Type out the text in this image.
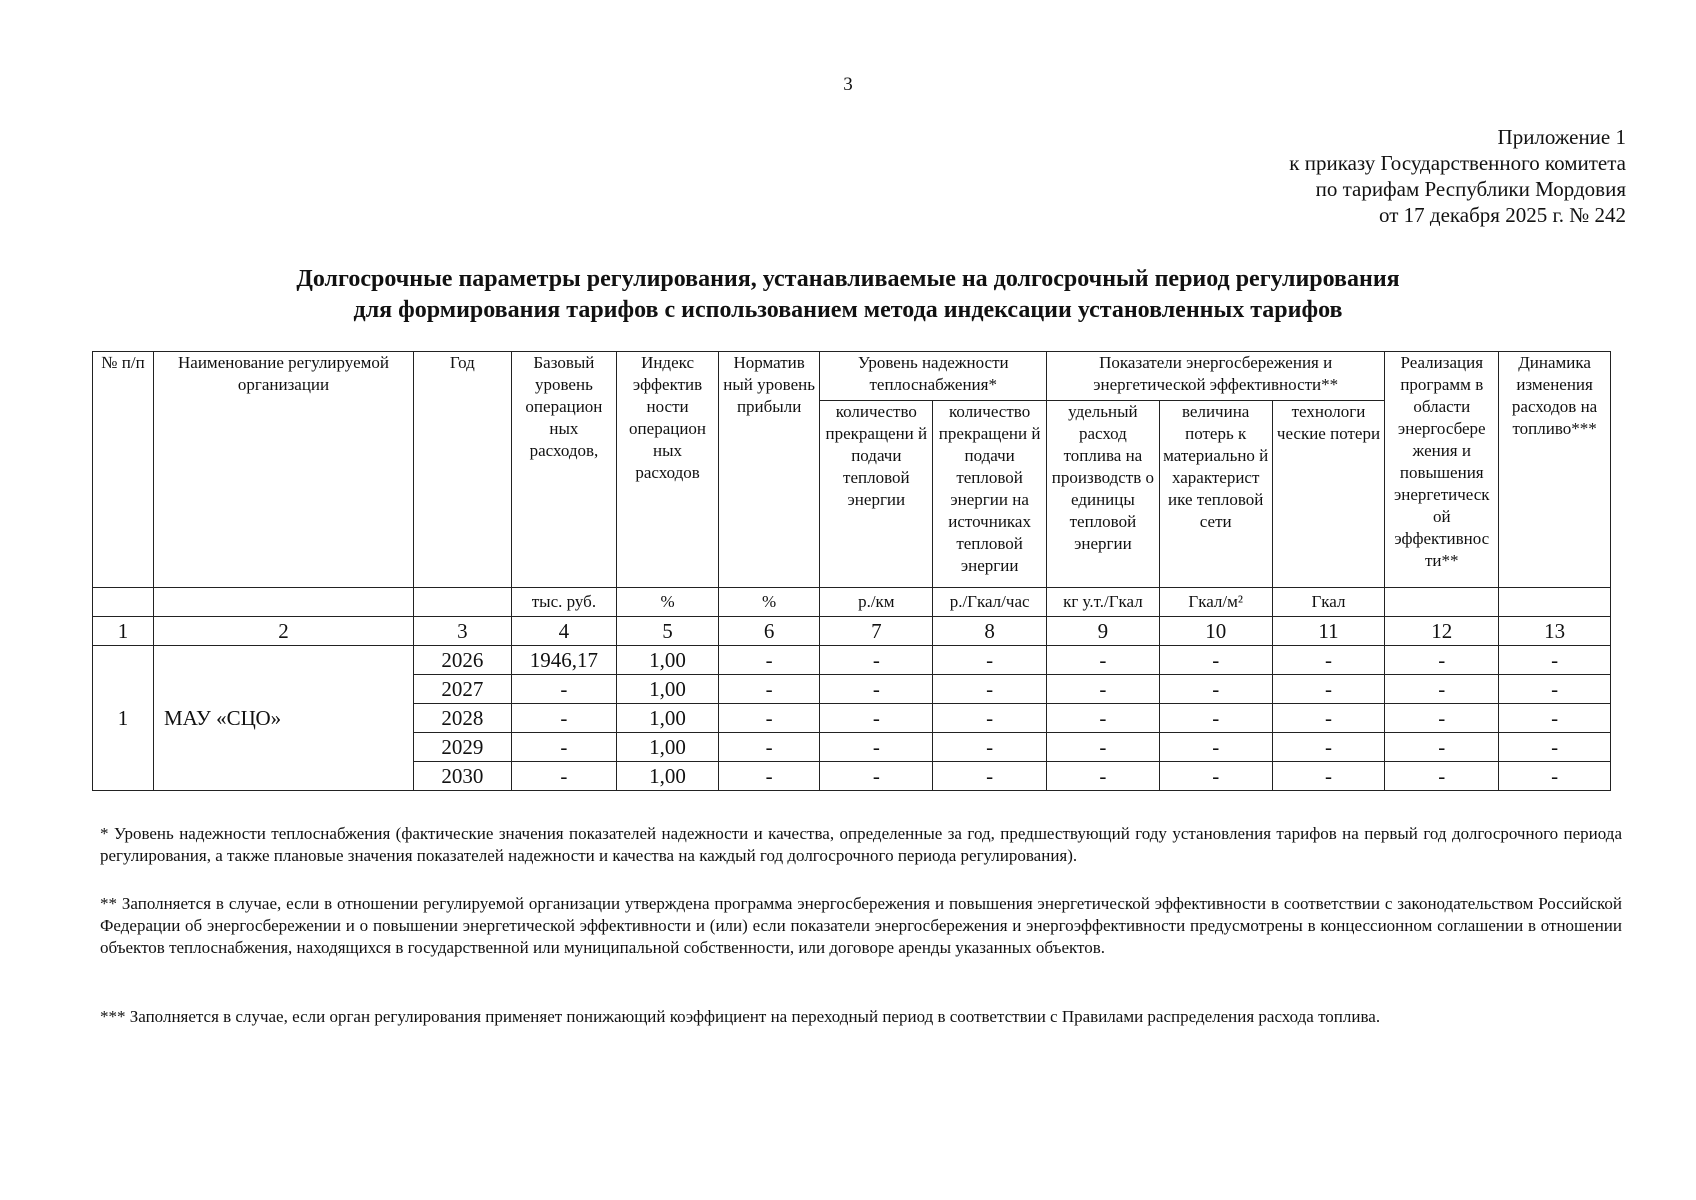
3
Приложение 1
к приказу Государственного комитета
по тарифам Республики Мордовия
от 17 декабря 2025 г. № 242
Долгосрочные параметры регулирования, устанавливаемые на долгосрочный период регулирования
для формирования тарифов с использованием метода индексации установленных тарифов
№ п/п	Наименование регулируемой организации	Год	Базовый уровень операцион ных расходов,	Индекс эффектив ности операцион ных расходов	Норматив ный уровень прибыли	Уровень надежности теплоснабжения*		Показатели энергосбережения и энергетической эффективности**			Реализация программ в области энергосбере жения и повышения энергетическ ой эффективнос ти**	Динамика изменения расходов на топливо***
						количество прекращени й подачи тепловой энергии	количество прекращени й подачи тепловой энергии на источниках тепловой энергии	удельный расход топлива на производств о единицы тепловой энергии	величина потерь к материально й характерист ике тепловой сети	технологи ческие потери		
			тыс. руб.	%	%	р./км	р./Гкал/час	кг у.т./Гкал	Гкал/м²	Гкал		
1	2	3	4	5	6	7	8	9	10	11	12	13
1	МАУ «СЦО»	2026	1946,17	1,00	-	-	-	-	-	-	-	-
		2027	-	1,00	-	-	-	-	-	-	-	-
		2028	-	1,00	-	-	-	-	-	-	-	-
		2029	-	1,00	-	-	-	-	-	-	-	-
		2030	-	1,00	-	-	-	-	-	-	-	-
* Уровень надежности теплоснабжения (фактические значения показателей надежности и качества, определенные за год, предшествующий году установления тарифов на первый год долгосрочного периода регулирования, а также плановые значения показателей надежности и качества на каждый год долгосрочного периода регулирования).
** Заполняется в случае, если в отношении регулируемой организации утверждена программа энергосбережения и повышения энергетической эффективности в соответствии с законодательством Российской Федерации об энергосбережении и о повышении энергетической эффективности и (или) если показатели энергосбережения и энергоэффективности предусмотрены в концессионном соглашении в отношении объектов теплоснабжения, находящихся в государственной или муниципальной собственности, или договоре аренды указанных объектов.
*** Заполняется в случае, если орган регулирования применяет понижающий коэффициент на переходный период в соответствии с Правилами распределения расхода топлива.
